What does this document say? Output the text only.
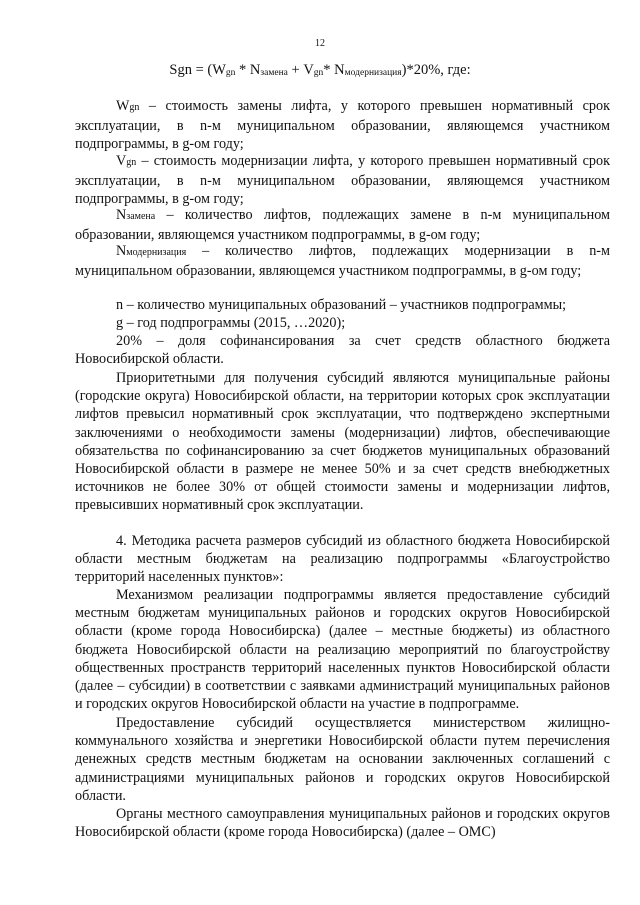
12
Sgn = ($W_{gn} * N_{замена} + V_{gn}*$ $N_{модернизация})*20\%$, где:

Wgn – стоимость замены лифта, у которого превышен нормативный срок эксплуатации, в n-м муниципальном образовании, являющемся участником подпрограммы, в g-ом году;

Vgn – стоимость модернизации лифта, у которого превышен нормативный срок эксплуатации, в n-м муниципальном образовании, являющемся участником подпрограммы, в g-ом году;

Nзамена – количество лифтов, подлежащих замене в n-м муниципальном образовании, являющемся участником подпрограммы, в g-ом году;

Nмодернизация – количество лифтов, подлежащих модернизации в n-м муниципальном образовании, являющемся участником подпрограммы, в g-ом году;

n – количество муниципальных образований – участников подпрограммы;

g – год подпрограммы (2015, …2020);

20% – доля софинансирования за счет средств областного бюджета Новосибирской области.

Приоритетными для получения субсидий являются муниципальные районы (городские округа) Новосибирской области, на территории которых срок эксплуатации лифтов превысил нормативный срок эксплуатации, что подтверждено экспертными заключениями о необходимости замены (модернизации) лифтов, обеспечивающие обязательства по софинансированию за счет бюджетов муниципальных образований Новосибирской области в размере не менее 50% и за счет средств внебюджетных источников не более 30% от общей стоимости замены и модернизации лифтов, превысивших нормативный срок эксплуатации.

4. Методика расчета размеров субсидий из областного бюджета Новосибирской области местным бюджетам на реализацию подпрограммы «Благоустройство территорий населенных пунктов»:

Механизмом реализации подпрограммы является предоставление субсидий местным бюджетам муниципальных районов и городских округов Новосибирской области (кроме города Новосибирска) (далее – местные бюджеты) из областного бюджета Новосибирской области на реализацию мероприятий по благоустройству общественных пространств территорий населенных пунктов Новосибирской области (далее – субсидии) в соответствии с заявками администраций муниципальных районов и городских округов Новосибирской области на участие в подпрограмме.

Предоставление субсидий осуществляется министерством жилищно-коммунального хозяйства и энергетики Новосибирской области путем перечисления денежных средств местным бюджетам на основании заключенных соглашений с администрациями муниципальных районов и городских округов Новосибирской области.

Органы местного самоуправления муниципальных районов и городских округов Новосибирской области (кроме города Новосибирска) (далее – ОМС)
